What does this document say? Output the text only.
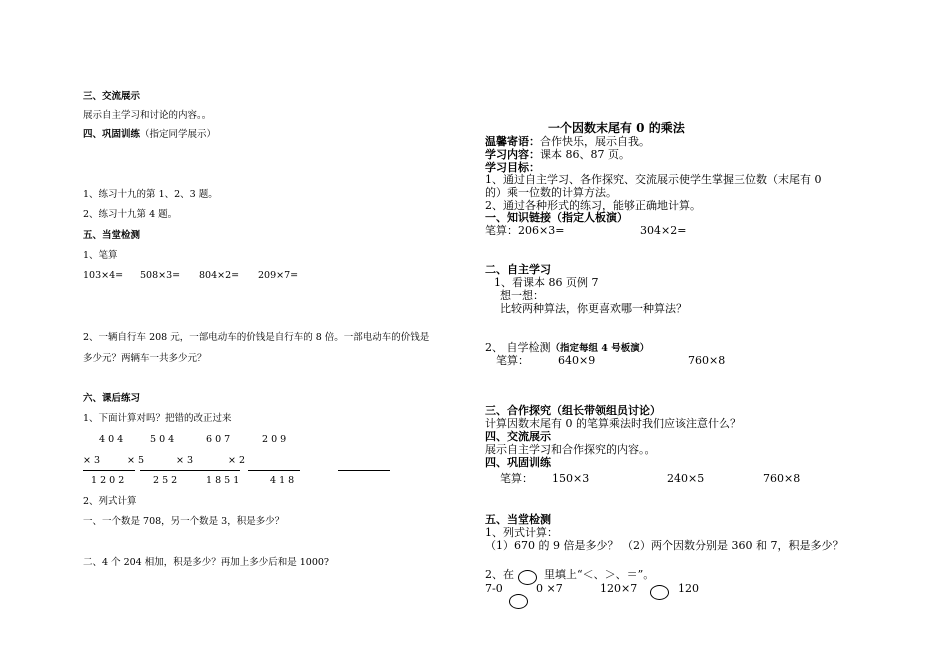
三、交流展示
展示自主学习和讨论的内容。。
四、巩固训练（指定同学展示）
1、练习十九的第 1、2、3 题。
2、练习十九第 4 题。
五、当堂检测
1、笔算
103×4= 508×3= 804×2= 209×7=
2、一辆自行车 208 元，一部电动车的价钱是自行车的 8 倍。一部电动车的价钱是
多少元？两辆车一共多少元？
六、课后练习
1、下面计算对吗？把错的改正过来
4 0 4	5 0 4	6 0 7	2 0 9
× 3	× 5	× 3	× 2
1 2 0 2	2 5 2	1 8 5 1	4 1 8
2、列式计算
一、一个数是 708，另一个数是 3，积是多少？
二、4 个 204 相加，积是多少？再加上多少后和是 1000?
一个因数末尾有 0 的乘法
温馨寄语：合作快乐，展示自我。
学习内容：课本 86、87 页。
学习目标：
1、通过自主学习、各作探究、交流展示使学生掌握三位数（末尾有 0
的）乘一位数的计算方法。
2、通过各种形式的练习，能够正确地计算。
一、知识链接（指定人板演）
笔算：206×3=	304×2=
二、自主学习
1、看课本 86 页例 7
想一想：
比较两种算法，你更喜欢哪一种算法？
2、 自学检测（指定每组 4 号板演）
笔算：	640×9	760×8
三、合作探究（组长带领组员讨论）
计算因数末尾有 0 的笔算乘法时我们应该注意什么？
四、交流展示
展示自主学习和合作探究的内容。。
四、巩固训练
笔算： 150×3	240×5	760×8
五、当堂检测
1、列式计算：
（1）670 的 9 倍是多少？ （2）两个因数分别是 360 和 7，积是多少？
2、在	里填上“＜、＞、＝”。
7-0	0 ×7	120×7	120
